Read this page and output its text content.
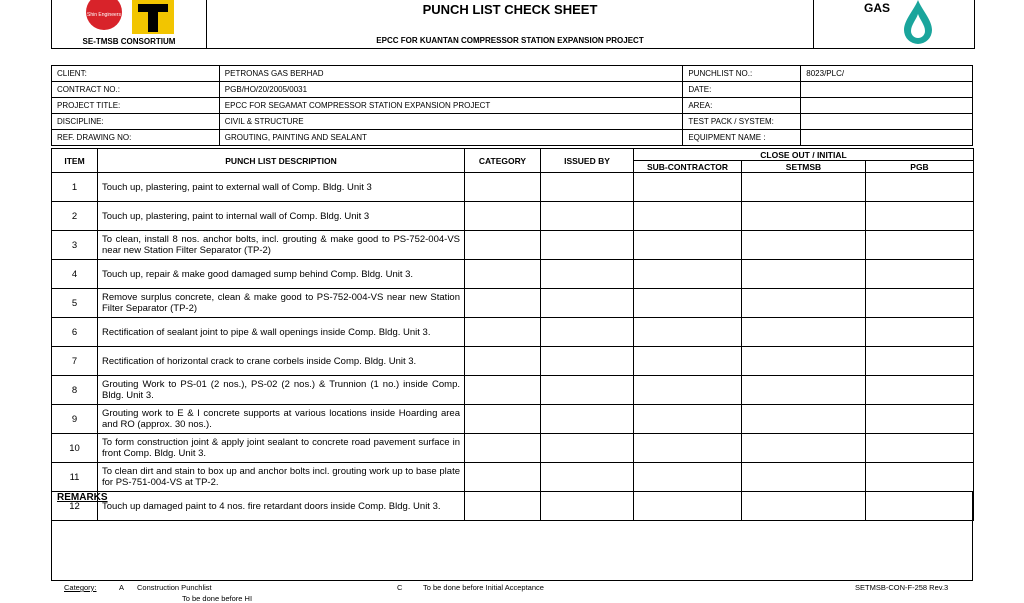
Shin Engineers
SE-TMSB CONSORTIUM
PUNCH LIST CHECK SHEET
EPCC FOR KUANTAN COMPRESSOR STATION EXPANSION PROJECT
GAS
CLIENT:	PETRONAS GAS BERHAD	PUNCHLIST NO.:	8023/PLC/
CONTRACT NO.:	PGB/HO/20/2005/0031	DATE:	
PROJECT TITLE:	EPCC FOR SEGAMAT COMPRESSOR STATION EXPANSION PROJECT	AREA:	
DISCIPLINE:	CIVIL & STRUCTURE	TEST PACK / SYSTEM:	
REF. DRAWING NO:	GROUTING, PAINTING AND SEALANT	EQUIPMENT NAME :	
ITEM	PUNCH LIST DESCRIPTION	CATEGORY	ISSUED BY	CLOSE OUT / INITIAL		
				SUB-CONTRACTOR	SETMSB	PGB
1	Touch up, plastering, paint to external wall of Comp. Bldg. Unit 3					
2	Touch up, plastering, paint to internal wall of Comp. Bldg. Unit 3					
3	To clean, install 8 nos. anchor bolts, incl. grouting & make good to PS-752-004-VS near new Station Filter Separator (TP-2)					
4	Touch up, repair & make good damaged sump behind Comp. Bldg. Unit 3.					
5	Remove surplus concrete, clean & make good to PS-752-004-VS near new Station Filter Separator (TP-2)					
6	Rectification of sealant joint to pipe & wall openings inside Comp. Bldg. Unit 3.					
7	Rectification of horizontal crack to crane corbels inside Comp. Bldg. Unit 3.					
8	Grouting Work to PS-01 (2 nos.), PS-02 (2 nos.) & Trunnion (1 no.) inside Comp. Bldg. Unit 3.					
9	Grouting work to E & I concrete supports at various locations inside Hoarding area and RO (approx. 30 nos.).					
10	To form construction joint & apply joint sealant to concrete road pavement surface in front Comp. Bldg. Unit 3.					
11	To clean dirt and stain to box up and anchor bolts incl. grouting work up to base plate for PS-751-004-VS at TP-2.					
12	Touch up damaged paint to 4 nos. fire retardant doors inside Comp. Bldg. Unit 3.					
REMARKS
Category:	A Construction Punchlist
To be done before HI
C	To be done before Initial Acceptance	SETMSB-CON-F-258 Rev.3
